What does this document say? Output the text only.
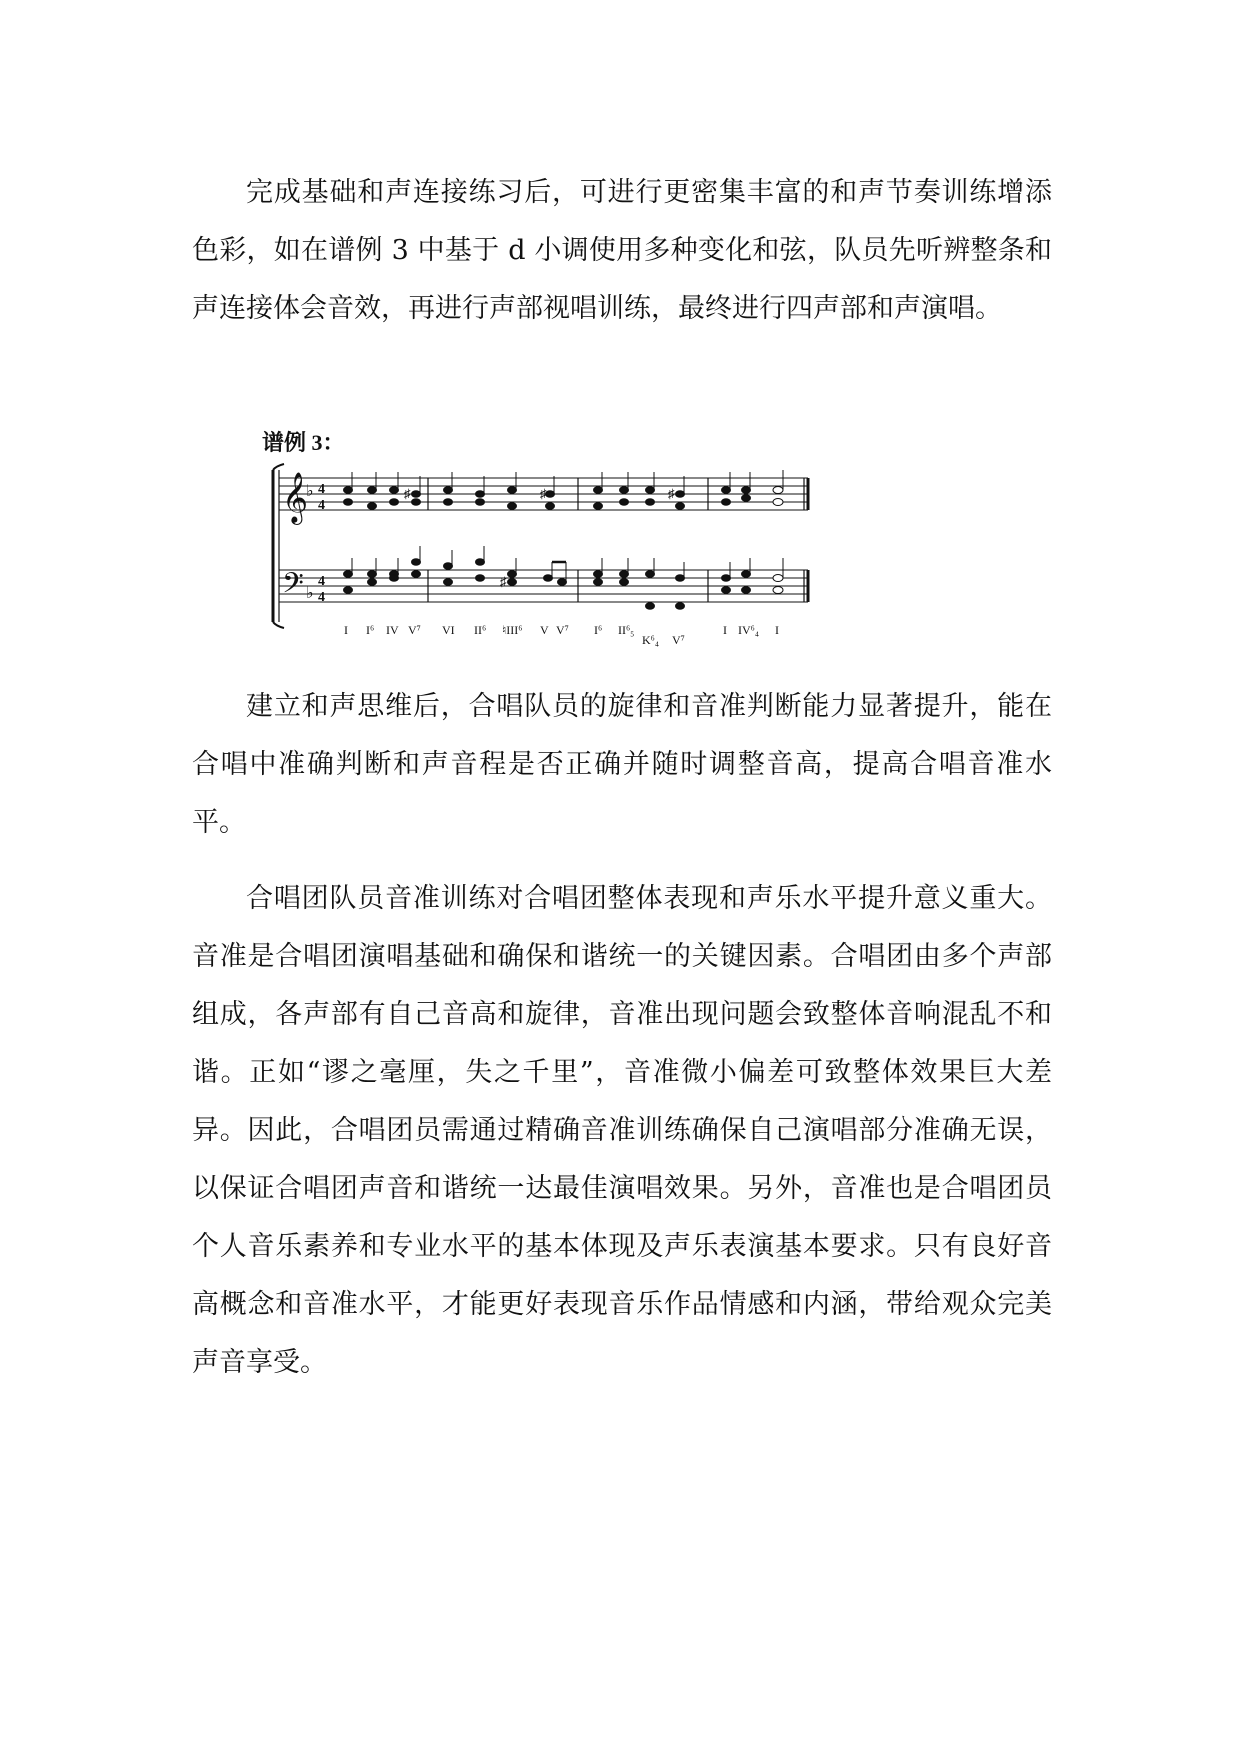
完成基础和声连接练习后，可进行更密集丰富的和声节奏训练增添色彩，如在谱例 3 中基于 d 小调使用多种变化和弦，队员先听辨整条和声连接体会音效，再进行声部视唱训练，最终进行四声部和声演唱。

谱例 3：
𝄞
𝄢
♭
♭
4
4
4
4
♯	♯	♯
♯
I I⁶ IV V⁷ VI II⁶ ♮III⁶ V V⁷ I⁶ II⁶₅
K⁶₄ V⁷
I IV⁶₄ I

建立和声思维后，合唱队员的旋律和音准判断能力显著提升，能在合唱中准确判断和声音程是否正确并随时调整音高，提高合唱音准水平。

合唱团队员音准训练对合唱团整体表现和声乐水平提升意义重大。音准是合唱团演唱基础和确保和谐统一的关键因素。合唱团由多个声部组成，各声部有自己音高和旋律，音准出现问题会致整体音响混乱不和谐。正如“谬之毫厘，失之千里”，音准微小偏差可致整体效果巨大差异。因此，合唱团员需通过精确音准训练确保自己演唱部分准确无误，以保证合唱团声音和谐统一达最佳演唱效果。另外，音准也是合唱团员个人音乐素养和专业水平的基本体现及声乐表演基本要求。只有良好音高概念和音准水平，才能更好表现音乐作品情感和内涵，带给观众完美声音享受。
